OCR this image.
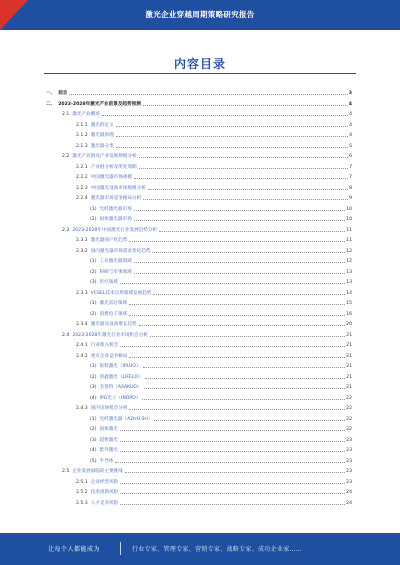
激光企业穿越周期策略研究报告
内容目录
一、 前言	3
二、 2023-2028年激光产业前景及趋势预测	4
2.1 激光产业概述	4
2.1.1 激光的定义	4
2.1.2 激光器原理	4
2.1.3 激光器分类	5
2.2 激光产业链及产业发展规模分析	6
2.2.1 产业链分析及所处周期	7
2.2.2 中国激光器市场规模	7
2.2.3 中国激光设备市场规模分析	8
2.2.4 激光器市场竞争格局分析	9
(1) 光纤激光器市场	10
(2) 固体激光器市场	10
2.3 2023-2028年中国激光行业发展趋势分析	11
2.3.1 激光器国产化趋势	11
2.3.2 国内激光器市场需求变化趋势	12
(1) 工业激光器领域	12
(2) 科研与军事领域	13
(3) 医疗领域	13
2.3.3 VCSEL技术应用领域发展趋势	14
(1) 激光雷达领域	15
(2) 消费电子领域	16
2.3.4 激光器及设备增长趋势	20
2.4 2023-2028年激光行业市场机会分析	21
2.4.1 行业准入机会	21
2.4.2 重点企业竞争格局	21
(1) 锐科激光（IPLUO）	21
(2) 创鑫激光（LIFELO）	21
(3) 杰普特（ASAKUO）	21
(4) IPG光子（INOPO）	22
2.4.3 国内市场机会分析	22
(1) 光纤激光器（A2HO.SH）	22
(2) 固体激光	22
(3) 超快激光	23
(4) 紫外激光	23
(5) 半导体	23
2.5 企业发展面临的主要挑战	23
2.5.1 企业经营风险	23
2.5.2 技术创新风险	24
2.5.3 人才竞争风险	24
让每个人都能成为	行业专家、管理专家、营销专家、战略专家、成功企业家……
